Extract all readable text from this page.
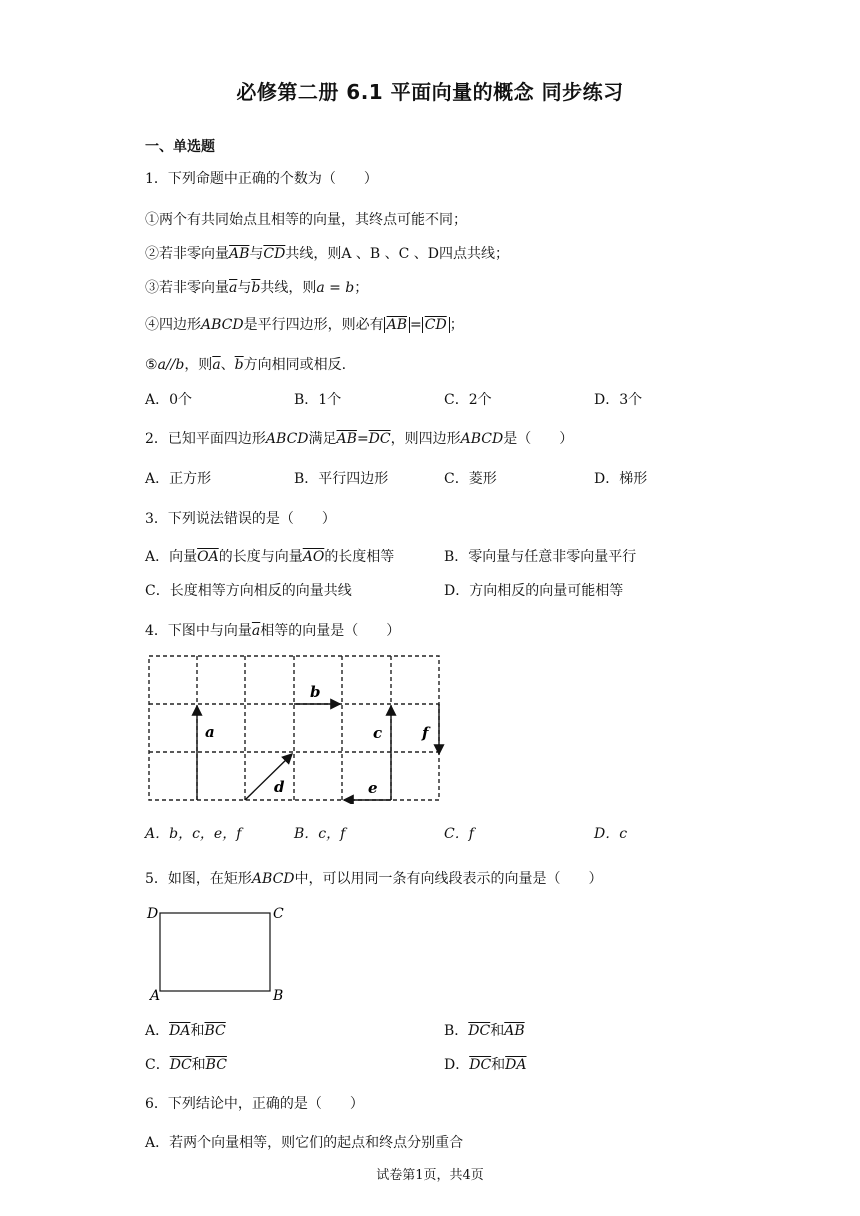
必修第二册 6.1 平面向量的概念 同步练习
一、单选题
1．下列命题中正确的个数为（　　）
①两个有共同始点且相等的向量，其终点可能不同；
②若非零向量$\overline{AB}$与$\overline{CD}$共线，则A 、B 、C 、D四点共线；
③若非零向量$\overline{a}$与$\overline{b}$共线，则a = b；
④四边形ABCD是平行四边形，则必有 $\overline{AB} = \overline{CD}$ ；
⑤a//b，则$\overline{a}$、$\overline{b}$方向相同或相反.
A．0个	B．1个	C．2个	D．3个
2．已知平面四边形ABCD满足$\overline{AB}=\overline{DC}$，则四边形ABCD是（　　）
A．正方形	B．平行四边形	C．菱形	D．梯形
3．下列说法错误的是（　　）
A．向量$\overline{OA}$的长度与向量$\overline{AO}$的长度相等	B．零向量与任意非零向量平行
C．长度相等方向相反的向量共线	D．方向相反的向量可能相等
4．下图中与向量$\overline{a}$相等的向量是（　　）
a
b
c	f
d	e
A．b，c，e，f	B．c，f	C．f	D．c
5．如图，在矩形ABCD中，可以用同一条有向线段表示的向量是（　　）
D	C
A	B
A．$\overline{DA}$和$\overline{BC}$	B．$\overline{DC}$和$\overline{AB}$
C．$\overline{DC}$和$\overline{BC}$	D．$\overline{DC}$和$\overline{DA}$
6．下列结论中，正确的是（　　）
A．若两个向量相等，则它们的起点和终点分别重合
试卷第1页，共4页
